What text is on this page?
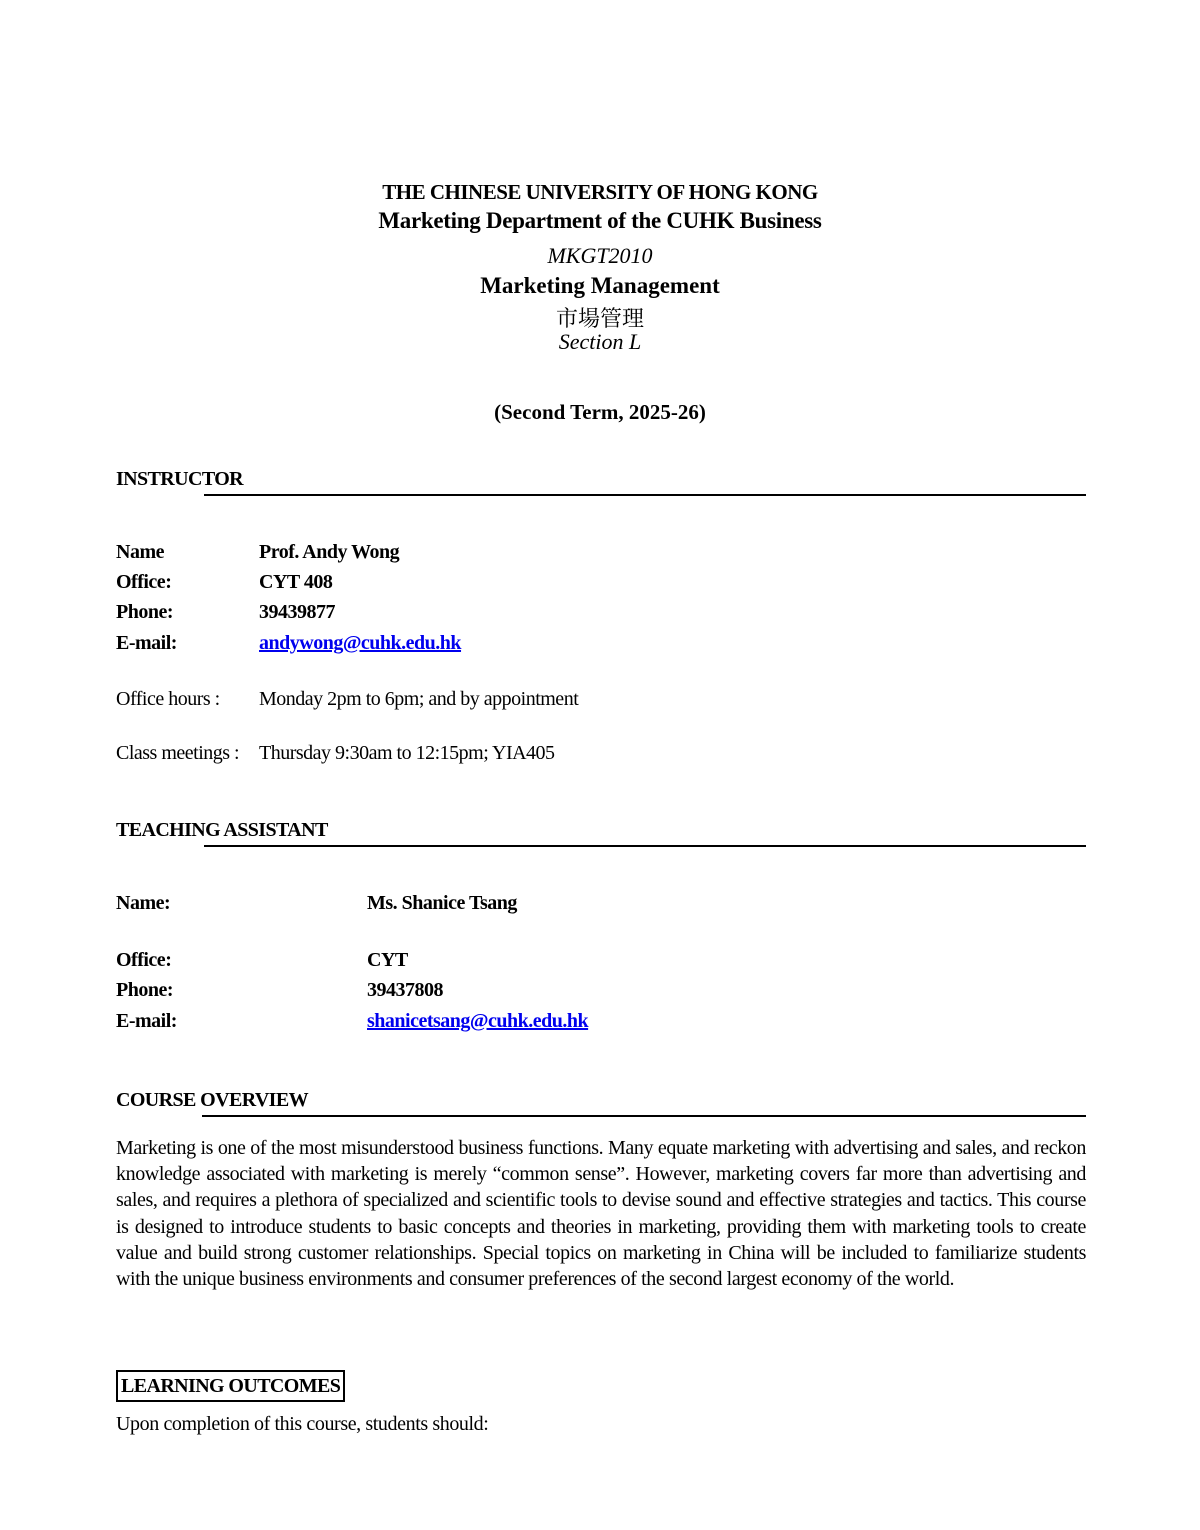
THE CHINESE UNIVERSITY OF HONG KONG
Marketing Department of the CUHK Business
MKGT2010
Marketing Management
市場管理
Section L
(Second Term, 2025-26)
INSTRUCTOR
Name	Prof. Andy Wong
Office:	CYT 408
Phone:	39439877
E-mail:	andywong@cuhk.edu.hk
Office hours : Monday 2pm to 6pm; and by appointment
Class meetings : Thursday 9:30am to 12:15pm; YIA405
TEACHING ASSISTANT
Name:	Ms. Shanice Tsang
Office:	CYT
Phone:	39437808
E-mail:	shanicetsang@cuhk.edu.hk
COURSE OVERVIEW
Marketing is one of the most misunderstood business functions. Many equate marketing with advertising and sales, and reckon knowledge associated with marketing is merely “common sense”. However, marketing covers far more than advertising and sales, and requires a plethora of specialized and scientific tools to devise sound and effective strategies and tactics. This course is designed to introduce students to basic concepts and theories in marketing, providing them with marketing tools to create value and build strong customer relationships. Special topics on marketing in China will be included to familiarize students with the unique business environments and consumer preferences of the second largest economy of the world.
LEARNING OUTCOMES
Upon completion of this course, students should:
